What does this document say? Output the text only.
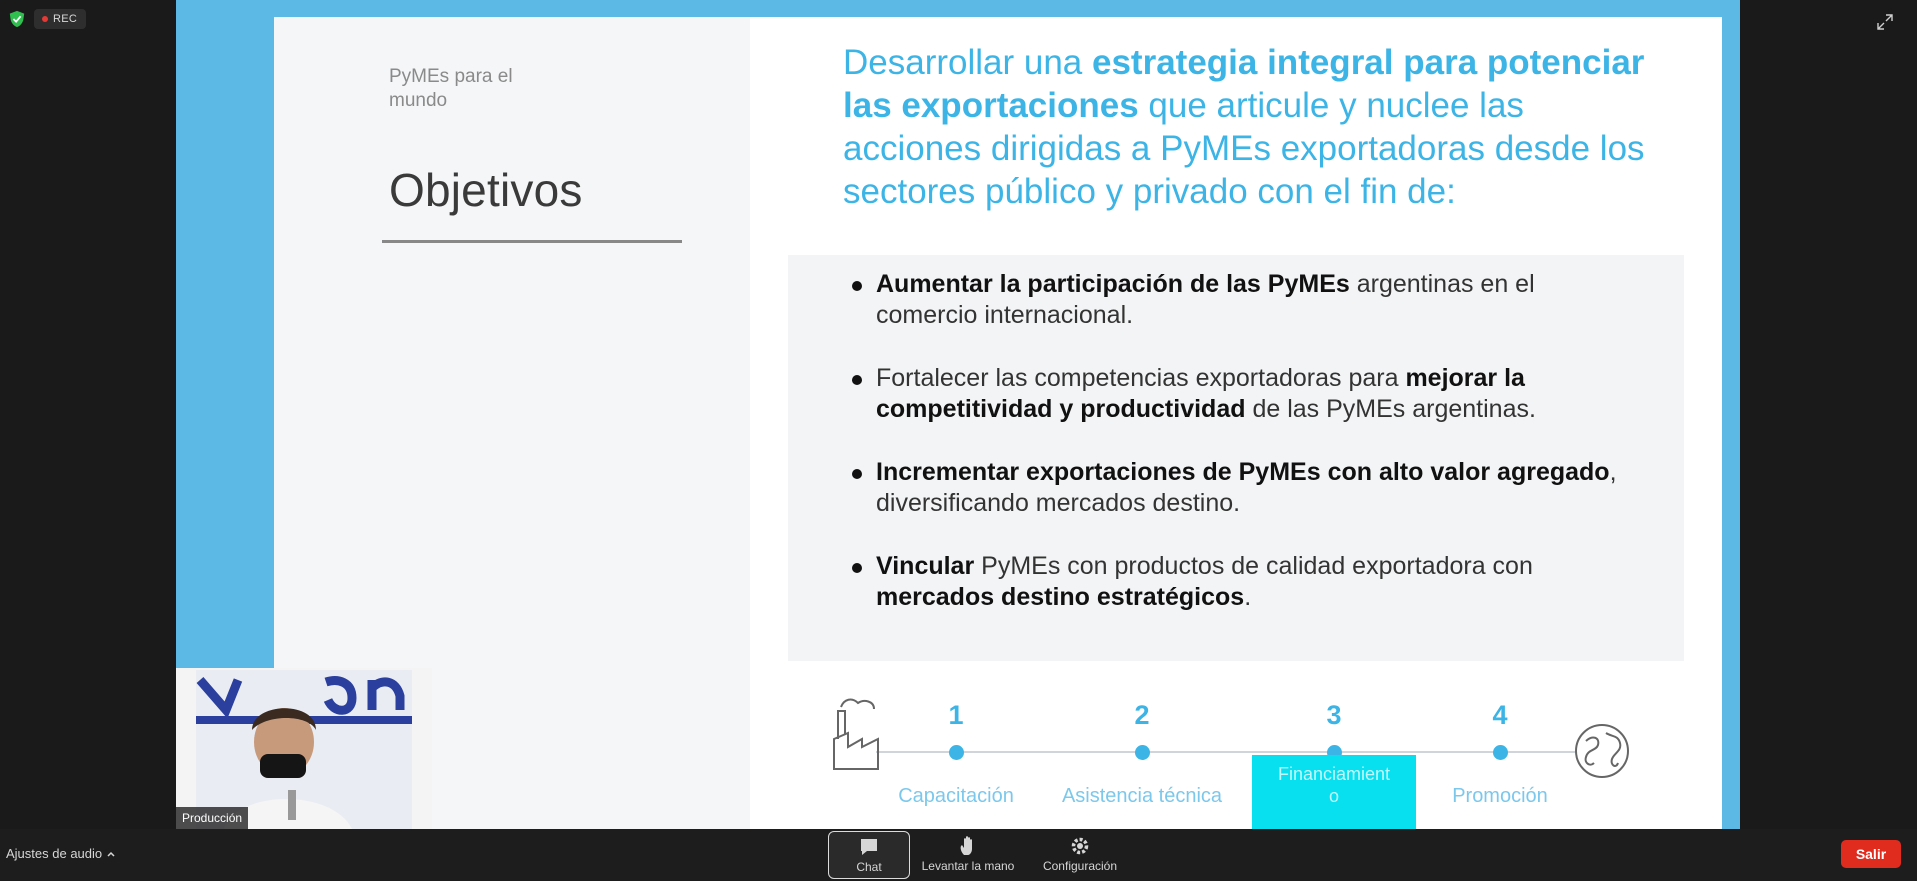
REC
PyMEs para el mundo
Objetivos
Desarrollar una estrategia integral para potenciar las exportaciones que articule y nuclee las acciones dirigidas a PyMEs exportadoras desde los sectores público y privado con el fin de:
Aumentar la participación de las PyMEs argentinas en el comercio internacional.
Fortalecer las competencias exportadoras para mejorar la competitividad y productividad de las PyMEs argentinas.
Incrementar exportaciones de PyMEs con alto valor agregado, diversificando mercados destino.
Vincular PyMEs con productos de calidad exportadora con mercados destino estratégicos.
1
Capacitación
2
Asistencia técnica
3
Financiamient
o
4
Promoción
Producción
Ajustes de audio
Chat	Levantar la mano Configuración
Salir
